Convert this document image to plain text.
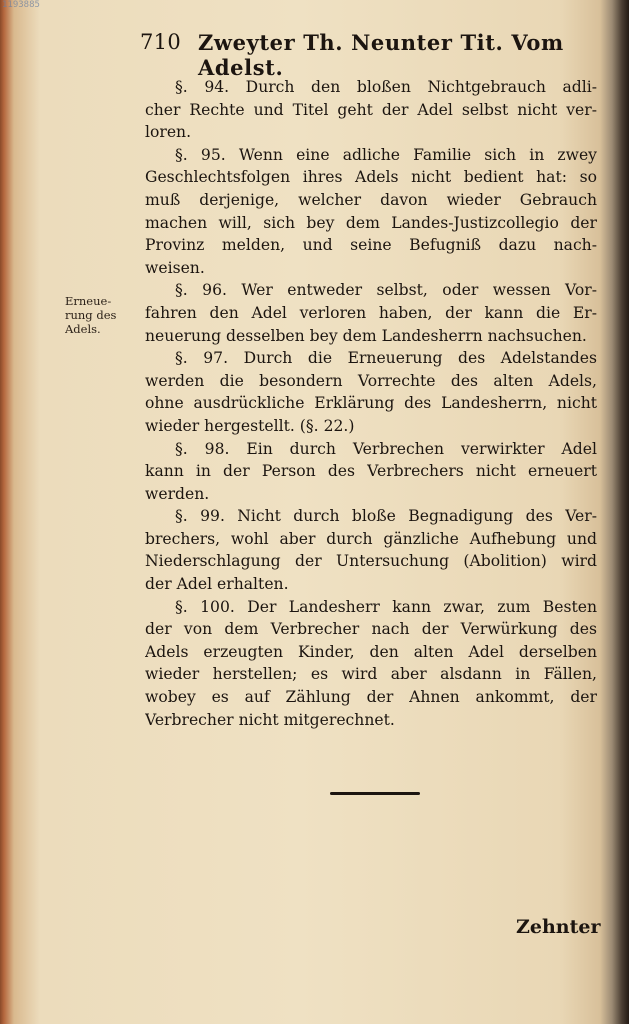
1193885
710 Zweyter Th. Neunter Tit. Vom Adelst.
Erneue-
rung des
Adels.
§. 94. Durch den bloßen Nichtgebrauch adli-
cher Rechte und Titel geht der Adel selbst nicht ver-
loren.
§. 95. Wenn eine adliche Familie sich in zwey
Geschlechtsfolgen ihres Adels nicht bedient hat: so
muß derjenige, welcher davon wieder Gebrauch
machen will, sich bey dem Landes-Justizcollegio der
Provinz melden, und seine Befugniß dazu nach-
weisen.
§. 96. Wer entweder selbst, oder wessen Vor-
fahren den Adel verloren haben, der kann die Er-
neuerung desselben bey dem Landesherrn nachsuchen.
§. 97. Durch die Erneuerung des Adelstandes
werden die besondern Vorrechte des alten Adels,
ohne ausdrückliche Erklärung des Landesherrn, nicht
wieder hergestellt. (§. 22.)
§. 98. Ein durch Verbrechen verwirkter Adel
kann in der Person des Verbrechers nicht erneuert
werden.
§. 99. Nicht durch bloße Begnadigung des Ver-
brechers, wohl aber durch gänzliche Aufhebung und
Niederschlagung der Untersuchung (Abolition) wird
der Adel erhalten.
§. 100. Der Landesherr kann zwar, zum Besten
der von dem Verbrecher nach der Verwürkung des
Adels erzeugten Kinder, den alten Adel derselben
wieder herstellen; es wird aber alsdann in Fällen,
wobey es auf Zählung der Ahnen ankommt, der
Verbrecher nicht mitgerechnet.
Zehnter
